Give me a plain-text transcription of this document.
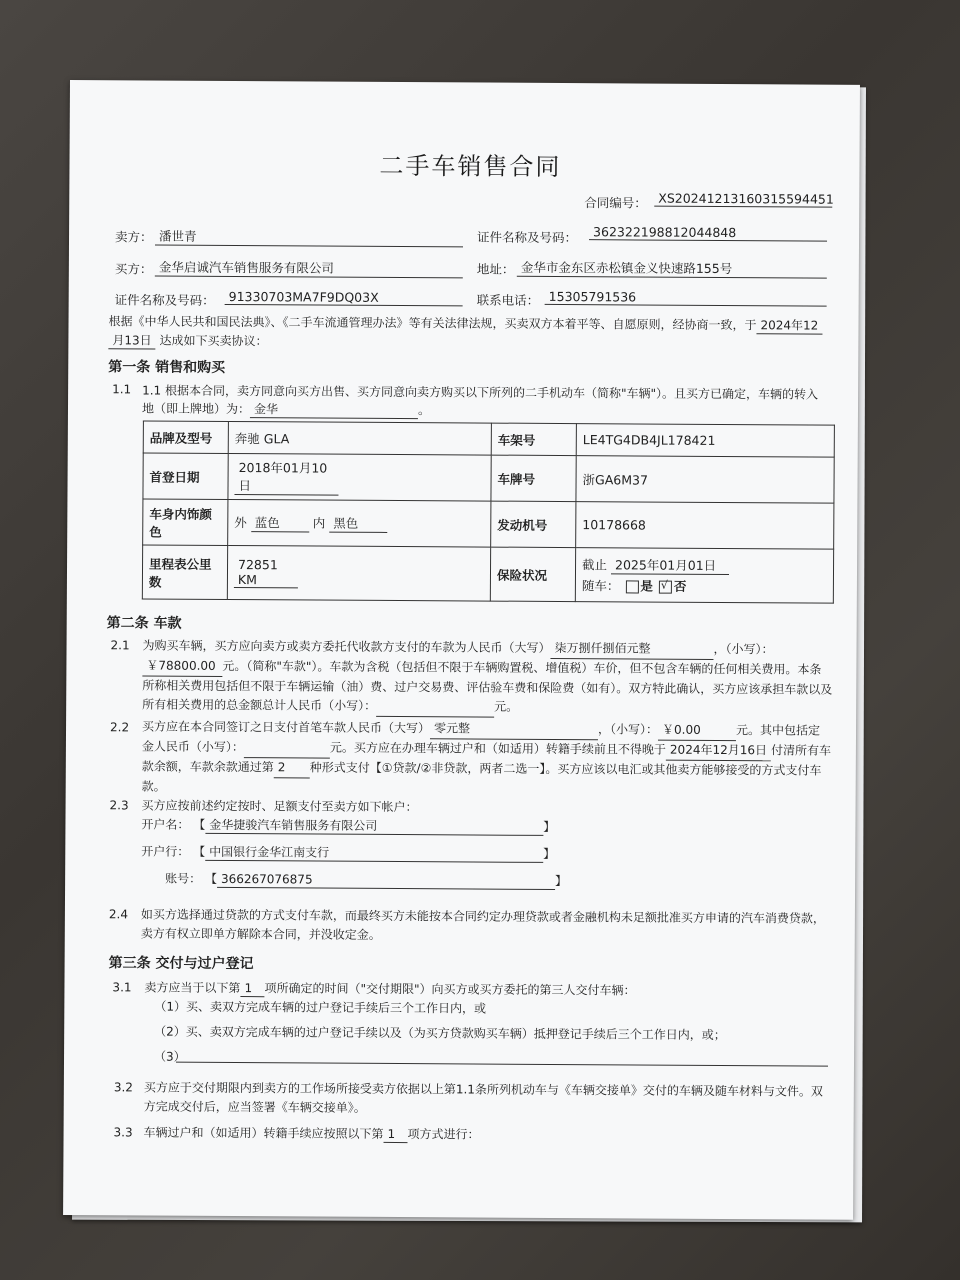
二手车销售合同
合同编号： XS20241213160315594451
卖方： 潘世青	证件名称及号码：	362322198812044848
买方： 金华启诚汽车销售服务有限公司	地址： 金华市金东区赤松镇金义快速路155号
证件名称及号码：	91330703MA7F9DQ03X	联系电话： 15305791536
根据《中华人民共和国民法典》、《二手车流通管理办法》等有关法律法规，买卖双方本着平等、自愿原则，经协商一致，于 2024年12
月13日 达成如下买卖协议：
第一条 销售和购买
1.1 1.1 根据本合同，卖方同意向买方出售、买方同意向卖方购买以下所列的二手机动车（简称"车辆"）。且买方已确定，车辆的转入
地（即上牌地）为： 金华	。
品牌及型号	奔驰 GLA	车架号	LE4TG4DB4JL178421
首登日期	2018年01月10日	车牌号	浙GA6M37
车身内饰颜色	外 蓝色 内 黑色	发动机号	10178668
里程表公里数	72851 KM	保险状况	截止 2025年01月01日
随车： 是 √ 否
第二条 车款
2.1 为购买车辆，买方应向卖方或卖方委托代收款方支付的车款为人民币（大写） 柒万捌仟捌佰元整	，（小写）：
￥78800.00 元。（简称"车款"）。车款为含税（包括但不限于车辆购置税、增值税）车价，但不包含车辆的任何相关费用。本条所称相关费用包括但不限于车辆运输（油）费、过户交易费、评估验车费和保险费（如有）。双方特此确认，买方应该承担车款以及所有相关费用的总金额总计人民币（小写）：	元。
2.2 买方应在本合同签订之日支付首笔车款人民币（大写） 零元整	，（小写）： ￥0.00	元。其中包括定金人民币（小写）：	元。买方应在办理车辆过户和（如适用）转籍手续前且不得晚于 2024年12月16日 付清所有车款余额，车款余款通过第 2 种形式支付【①贷款/②非贷款，两者二选一】。买方应该以电汇或其他卖方能够接受的方式支付车款。
2.3 买方应按前述约定按时、足额支付至卖方如下帐户：
开户名： 【 金华捷骏汽车销售服务有限公司	】
开户行： 【 中国银行金华江南支行	】
账号： 【 366267076875	】
2.4 如买方选择通过贷款的方式支付车款，而最终买方未能按本合同约定办理贷款或者金融机构未足额批准买方申请的汽车消费贷款，卖方有权立即单方解除本合同，并没收定金。
第三条 交付与过户登记
3.1 卖方应当于以下第 1 项所确定的时间（"交付期限"）向买方或买方委托的第三人交付车辆：
（1）买、卖双方完成车辆的过户登记手续后三个工作日内，或
（2）买、卖双方完成车辆的过户登记手续以及（为买方贷款购买车辆）抵押登记手续后三个工作日内，或；
（3）
3.2 买方应于交付期限内到卖方的工作场所接受卖方依据以上第1.1条所列机动车与《车辆交接单》交付的车辆及随车材料与文件。双方完成交付后，应当签署《车辆交接单》。
3.3 车辆过户和（如适用）转籍手续应按照以下第 1 项方式进行：
